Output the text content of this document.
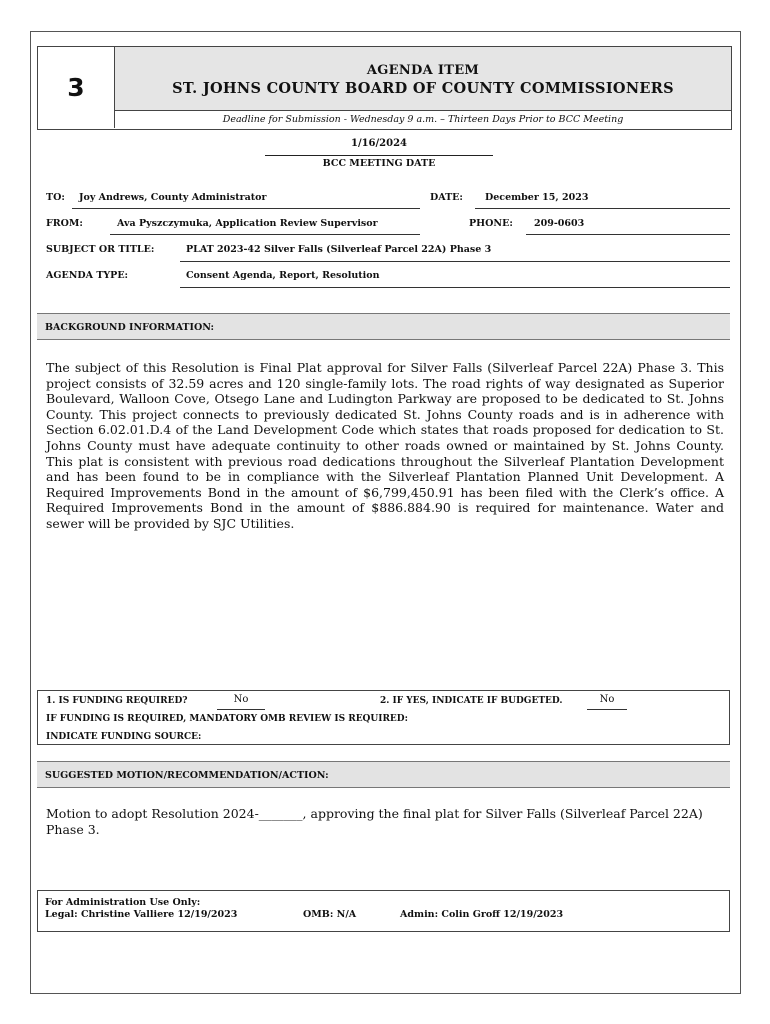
3
AGENDA ITEM
ST. JOHNS COUNTY BOARD OF COUNTY COMMISSIONERS
Deadline for Submission - Wednesday 9 a.m. – Thirteen Days Prior to BCC Meeting
1/16/2024
BCC MEETING DATE
TO: Joy Andrews, County Administrator	DATE: December 15, 2023
FROM:	Ava Pyszczymuka, Application Review Supervisor	PHONE: 209-0603
SUBJECT OR TITLE:	PLAT 2023-42 Silver Falls (Silverleaf Parcel 22A) Phase 3
AGENDA TYPE:	Consent Agenda, Report, Resolution
BACKGROUND INFORMATION:
The subject of this Resolution is Final Plat approval for Silver Falls (Silverleaf Parcel 22A) Phase 3. This project consists of 32.59 acres and 120 single-family lots. The road rights of way designated as Superior Boulevard, Walloon Cove, Otsego Lane and Ludington Parkway are proposed to be dedicated to St. Johns County. This project connects to previously dedicated St. Johns County roads and is in adherence with Section 6.02.01.D.4 of the Land Development Code which states that roads proposed for dedication to St. Johns County must have adequate continuity to other roads owned or maintained by St. Johns County. This plat is consistent with previous road dedications throughout the Silverleaf Plantation Development and has been found to be in compliance with the Silverleaf Plantation Planned Unit Development. A Required Improvements Bond in the amount of $6,799,450.91 has been filed with the Clerk’s office. A Required Improvements Bond in the amount of $886.884.90 is required for maintenance. Water and sewer will be provided by SJC Utilities.
1. IS FUNDING REQUIRED?	No	2. IF YES, INDICATE IF BUDGETED.	No
IF FUNDING IS REQUIRED, MANDATORY OMB REVIEW IS REQUIRED:
INDICATE FUNDING SOURCE:
SUGGESTED MOTION/RECOMMENDATION/ACTION:
Motion to adopt Resolution 2024-_______, approving the final plat for Silver Falls (Silverleaf Parcel 22A) Phase 3.
For Administration Use Only:
Legal: Christine Valliere 12/19/2023	OMB: N/A	Admin: Colin Groff 12/19/2023
